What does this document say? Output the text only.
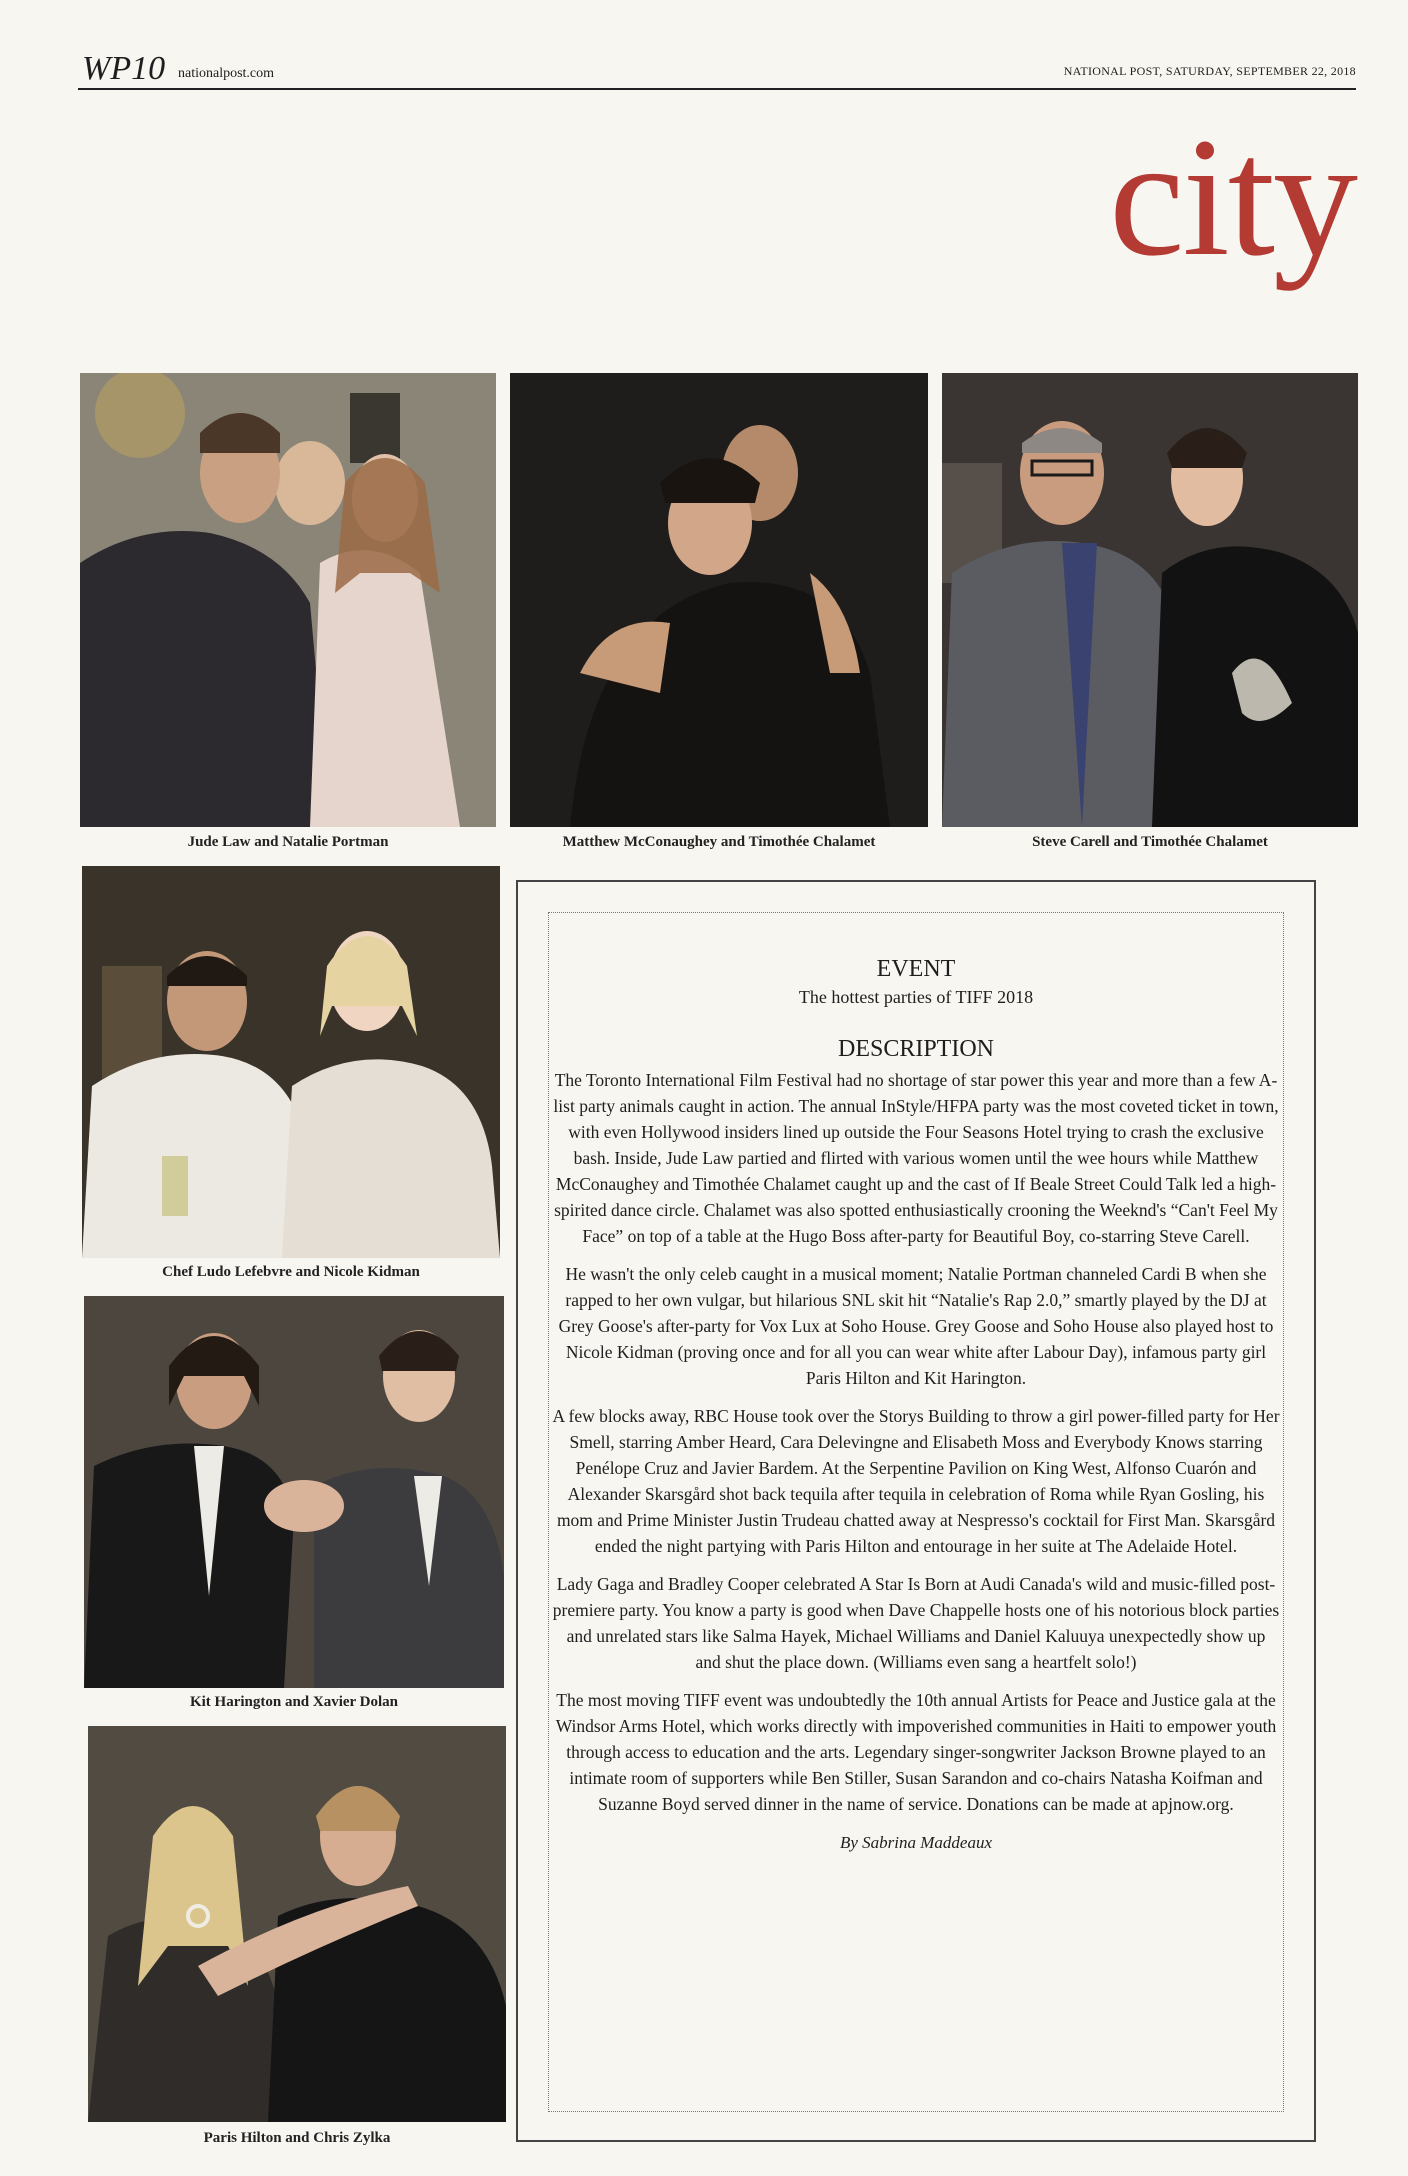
WP10 nationalpost.com	NATIONAL POST, SATURDAY, SEPTEMBER 22, 2018
city
Jude Law and Natalie Portman	Matthew McConaughey and Timothée Chalamet	Steve Carell and Timothée Chalamet
Chef Ludo Lefebvre and Nicole Kidman
Kit Harington and Xavier Dolan
Paris Hilton and Chris Zylka

EVENT

The hottest parties of TIFF 2018

DESCRIPTION

The Toronto International Film Festival had no shortage of star power this year and more than a few A-list party animals caught in action. The annual InStyle/HFPA party was the most coveted ticket in town, with even Hollywood insiders lined up outside the Four Seasons Hotel trying to crash the exclusive bash. Inside, Jude Law partied and flirted with various women until the wee hours while Matthew McConaughey and Timothée Chalamet caught up and the cast of If Beale Street Could Talk led a high-spirited dance circle. Chalamet was also spotted enthusiastically crooning the Weeknd's “Can't Feel My Face” on top of a table at the Hugo Boss after-party for Beautiful Boy, co-starring Steve Carell.

He wasn't the only celeb caught in a musical moment; Natalie Portman channeled Cardi B when she rapped to her own vulgar, but hilarious SNL skit hit “Natalie's Rap 2.0,” smartly played by the DJ at Grey Goose's after-party for Vox Lux at Soho House. Grey Goose and Soho House also played host to Nicole Kidman (proving once and for all you can wear white after Labour Day), infamous party girl Paris Hilton and Kit Harington.

A few blocks away, RBC House took over the Storys Building to throw a girl power-filled party for Her Smell, starring Amber Heard, Cara Delevingne and Elisabeth Moss and Everybody Knows starring Penélope Cruz and Javier Bardem. At the Serpentine Pavilion on King West, Alfonso Cuarón and Alexander Skarsgård shot back tequila after tequila in celebration of Roma while Ryan Gosling, his mom and Prime Minister Justin Trudeau chatted away at Nespresso's cocktail for First Man. Skarsgård ended the night partying with Paris Hilton and entourage in her suite at The Adelaide Hotel.

Lady Gaga and Bradley Cooper celebrated A Star Is Born at Audi Canada's wild and music-filled post-premiere party. You know a party is good when Dave Chappelle hosts one of his notorious block parties and unrelated stars like Salma Hayek, Michael Williams and Daniel Kaluuya unexpectedly show up and shut the place down. (Williams even sang a heartfelt solo!)

The most moving TIFF event was undoubtedly the 10th annual Artists for Peace and Justice gala at the Windsor Arms Hotel, which works directly with impoverished communities in Haiti to empower youth through access to education and the arts. Legendary singer-songwriter Jackson Browne played to an intimate room of supporters while Ben Stiller, Susan Sarandon and co-chairs Natasha Koifman and Suzanne Boyd served dinner in the name of service. Donations can be made at apjnow.org.

By Sabrina Maddeaux
